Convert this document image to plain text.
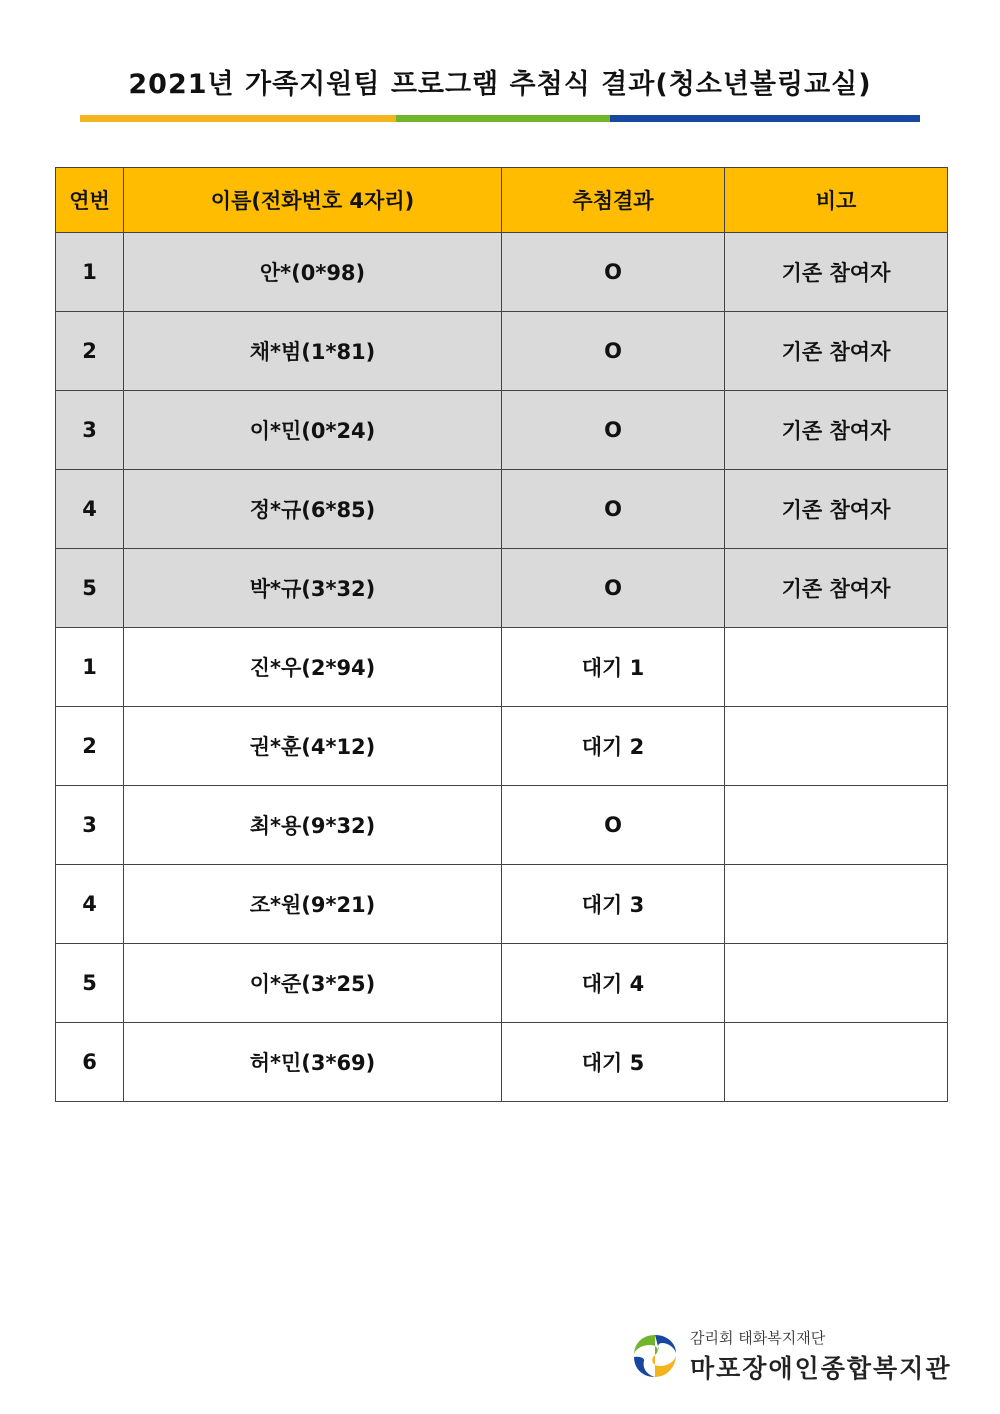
2021년 가족지원팀 프로그램 추첨식 결과(청소년볼링교실)
연번	이름(전화번호 4자리)	추첨결과	비고
1	안*(0*98)	O	기존 참여자
2	채*범(1*81)	O	기존 참여자
3	이*민(0*24)	O	기존 참여자
4	정*규(6*85)	O	기존 참여자
5	박*규(3*32)	O	기존 참여자
1	진*우(2*94)	대기 1	
2	권*훈(4*12)	대기 2	
3	최*용(9*32)	O	
4	조*원(9*21)	대기 3	
5	이*준(3*25)	대기 4	
6	허*민(3*69)	대기 5	
감리회 태화복지재단
마포장애인종합복지관
